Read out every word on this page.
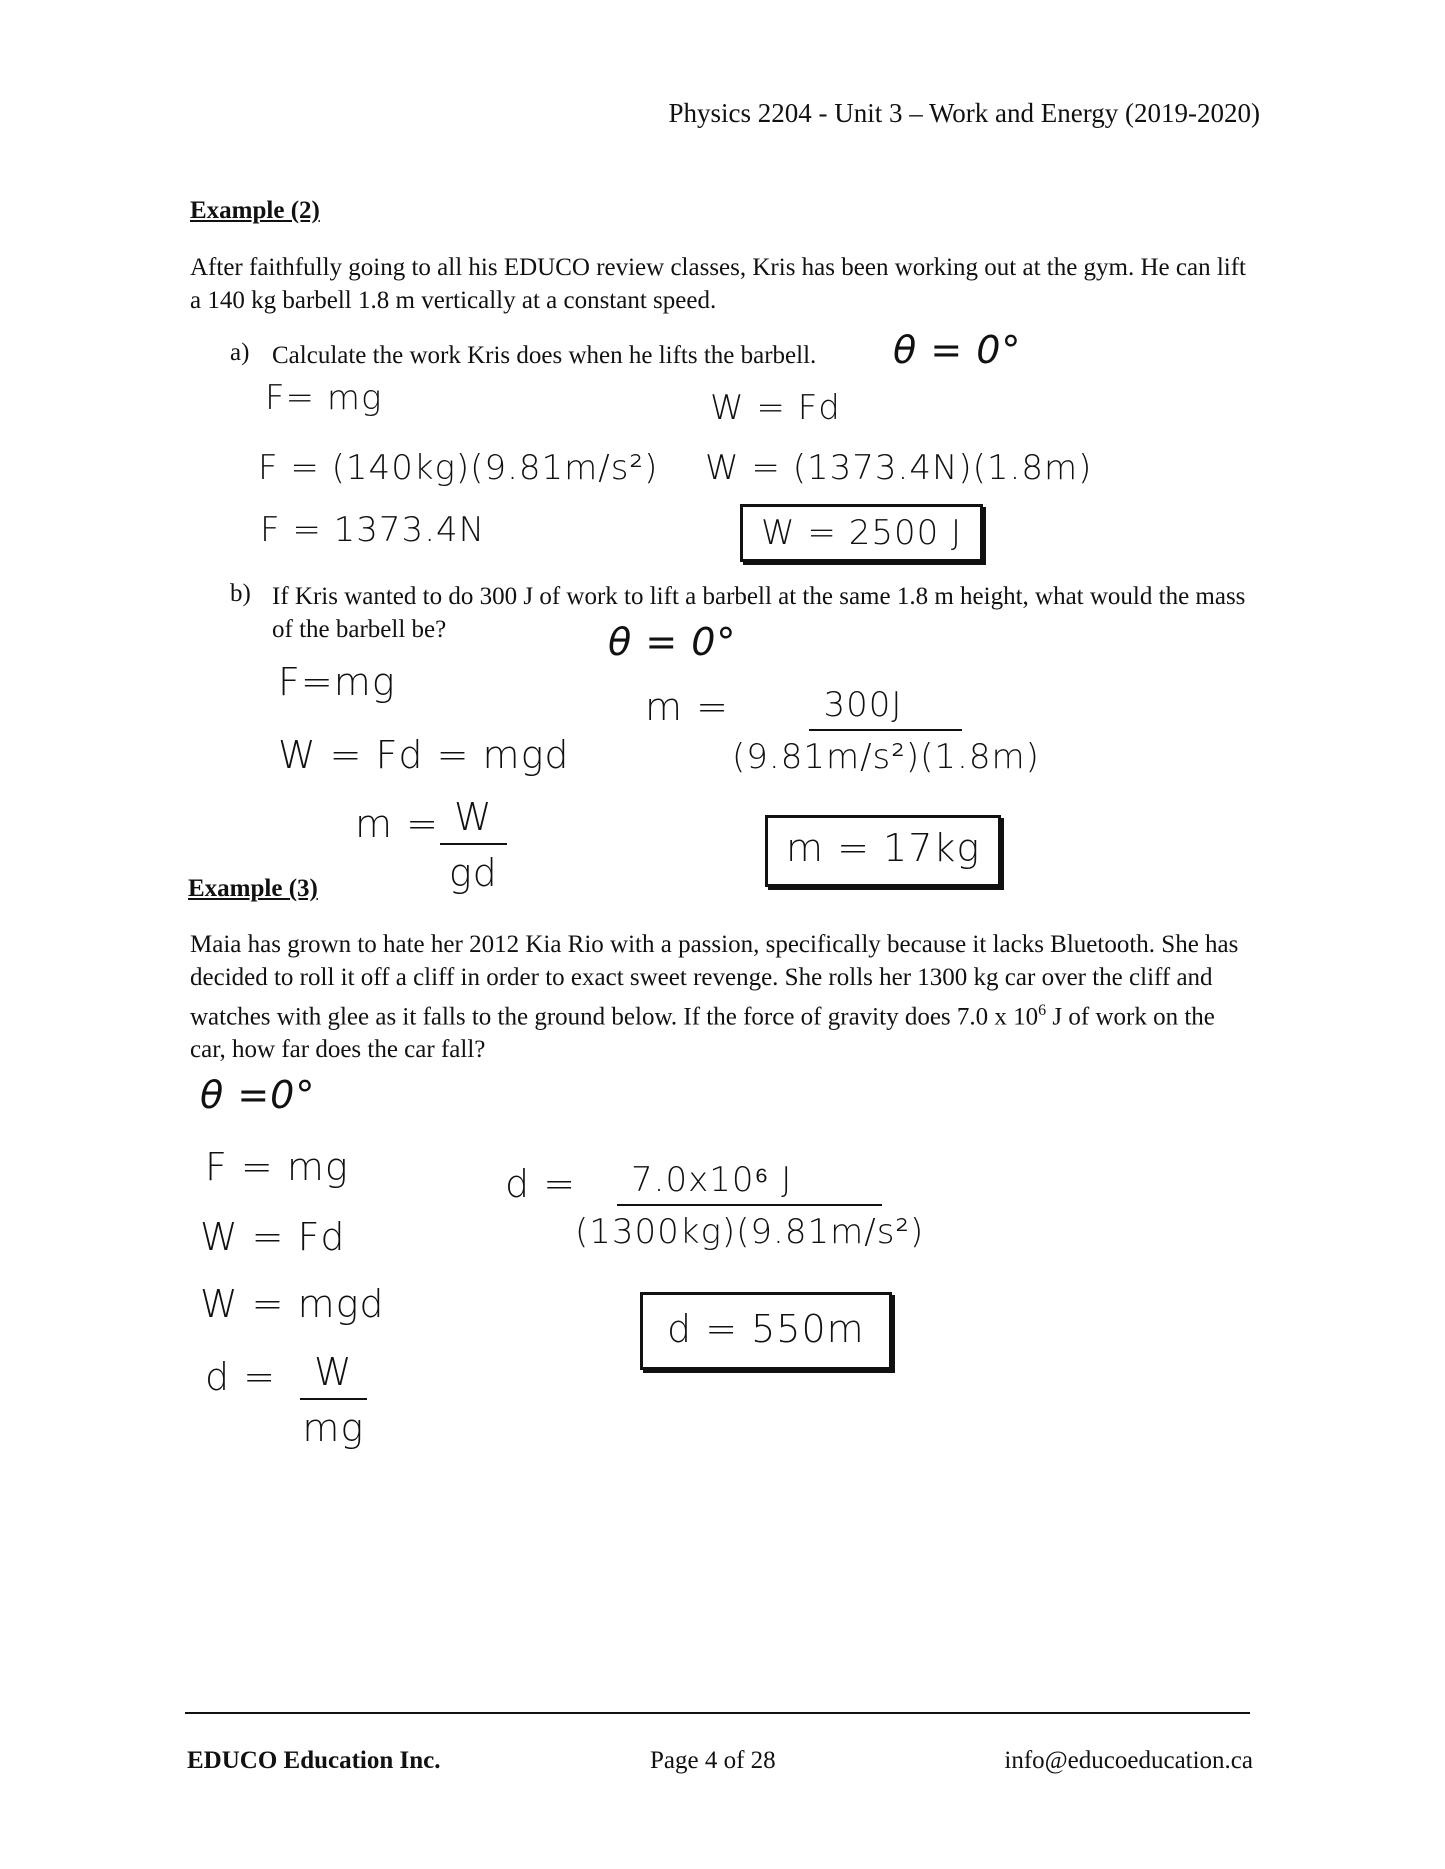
Physics 2204 - Unit 3 – Work and Energy (2019-2020)
Example (2)
After faithfully going to all his EDUCO review classes, Kris has been working out at the gym. He can lift a 140 kg barbell 1.8 m vertically at a constant speed.
a) Calculate the work Kris does when he lifts the barbell. θ = 0°
F= mg
F = (140kg)(9.81m/s²)
F = 1373.4N
W = Fd
W = (1373.4N)(1.8m)
W = 2500 J
b) If Kris wanted to do 300 J of work to lift a barbell at the same 1.8 m height, what would the mass of the barbell be?	θ = 0°
F=mg
W = Fd = mgd
$m = \frac{W}{gd}$
$m = \frac{300J}{\text{(9.81m/s²)(1.8m)}}$
m = 17kg
Example (3)
Maia has grown to hate her 2012 Kia Rio with a passion, specifically because it lacks Bluetooth. She has decided to roll it off a cliff in order to exact sweet revenge. She rolls her 1300 kg car over the cliff and watches with glee as it falls to the ground below. If the force of gravity does 7.0 x $10^6$ J of work on the car, how far does the car fall?
θ =0°
F = mg
W = Fd
W = mgd
$d = \frac{W}{mg}$
d =
$\frac{\text{7.0x10⁶ J}}{\text{(1300kg)(9.81m/s²)}}$
d = 550m
EDUCO Education Inc.	Page 4 of 28	info@educoeducation.ca
